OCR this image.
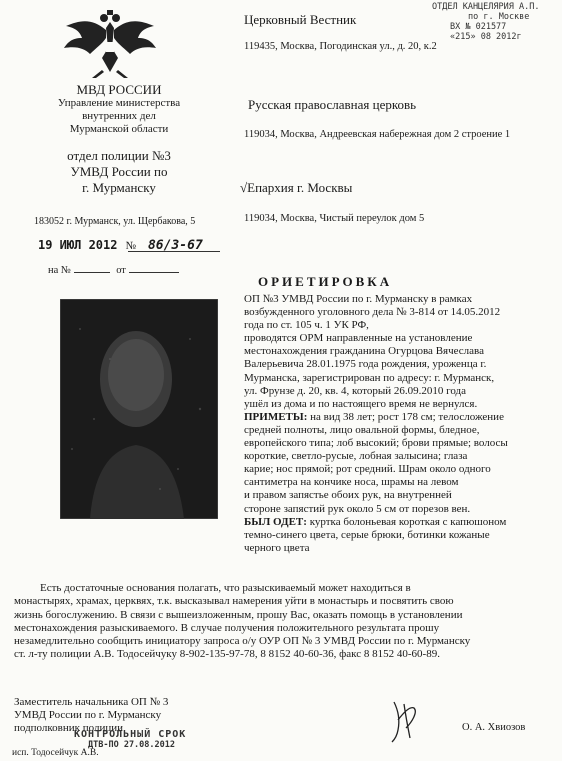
ОТДЕЛ КАНЦЕЛЯРИЯ А.П.
по г. Москве
ВХ № 021577
«215» 08 2012г
МВД РОССИИ
Управление министерства
внутренних дел
Мурманской области
отдел полиции №3
УМВД России по
г. Мурманску
183052 г. Мурманск, ул. Щербакова, 5
19 ИЮЛ 2012 № 86/3-67
на №	от
Церковный Вестник
119435, Москва, Погодинская ул., д. 20, к.2
Русская православная церковь
119034, Москва, Андреевская набережная дом 2 строение 1
√Епархия г. Москвы
119034, Москва, Чистый переулок дом 5
ОРИЕТИРОВКА

ОП №3 УМВД России по г. Мурманску в рамках

возбужденного уголовного дела № 3-814 от 14.05.2012

года по ст. 105 ч. 1 УК РФ,

проводятся ОРМ направленные на установление

местонахождения гражданина Огурцова Вячеслава

Валерьевича 28.01.1975 года рождения, уроженца г.

Мурманска, зарегистрирован по адресу: г. Мурманск,

ул. Фрунзе д. 20, кв. 4, который 26.09.2010 года

ушёл из дома и по настоящего время не вернулся.

ПРИМЕТЫ: на вид 38 лет; рост 178 см; телосложение

средней полноты, лицо овальной формы, бледное,

европейского типа; лоб высокий; брови прямые; волосы

короткие, светло-русые, лобная залысина; глаза

карие; нос прямой; рот средний. Шрам около одного

сантиметра на кончике носа, шрамы на левом

и правом запястье обоих рук, на внутренней

стороне запястий рук около 5 см от порезов вен.

БЫЛ ОДЕТ: куртка болоньевая короткая с капюшоном

темно-синего цвета, серые брюки, ботинки кожаные

черного цвета

Есть достаточные основания полагать, что разыскиваемый может находиться в

монастырях, храмах, церквях, т.к. высказывал намерения уйти в монастырь и посвятить свою

жизнь богослужению. В связи с вышеизложенным, прошу Вас, оказать помощь в установлении

местонахождения разыскиваемого. В случае получения положительного результата прошу

незамедлительно сообщить инициатору запроса о/у ОУР ОП № 3 УМВД России по г. Мурманску

ст. л-ту полиции А.В. Тодосейчуку 8-902-135-97-78, 8 8152 40-60-36, факс 8 8152 40-60-89.

Заместитель начальника ОП № 3
УМВД России по г. Мурманску
подполковник полиции	О. А. Хвиозов
КОНТРОЛЬНЫЙ СРОК
ДТВ-ПО 27.08.2012
исп. Тодосейчук А.В.
